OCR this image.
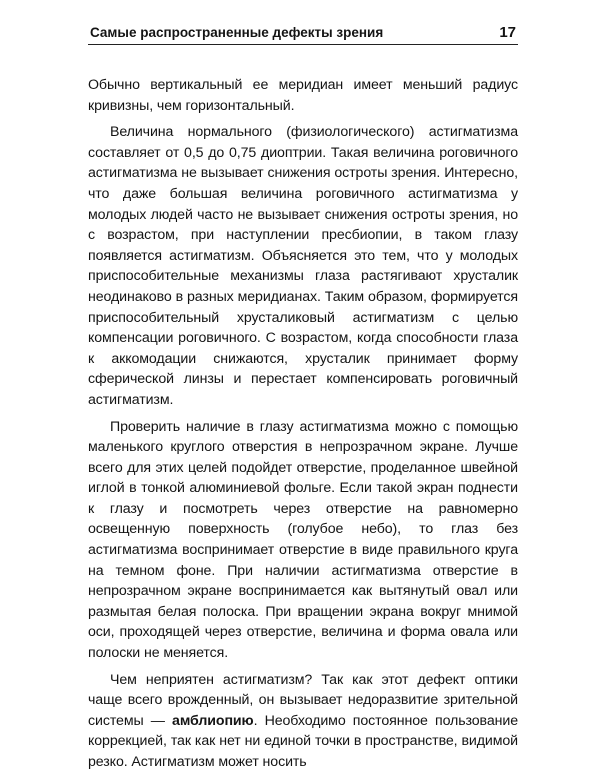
Самые распространенные дефекты зрения	17

Обычно вертикальный ее меридиан имеет меньший радиус кривизны, чем горизонтальный.

Величина нормального (физиологического) астигматизма составляет от 0,5 до 0,75 диоптрии. Такая величина роговичного астигматизма не вызывает снижения остроты зрения. Интересно, что даже большая величина роговичного астигматизма у молодых людей часто не вызывает снижения остроты зрения, но с возрастом, при наступлении пресбиопии, в таком глазу появляется астигматизм. Объясняется это тем, что у молодых приспособительные механизмы глаза растягивают хрусталик неодинаково в разных меридианах. Таким образом, формируется приспособительный хрусталиковый астигматизм с целью компенсации роговичного. С возрастом, когда способности глаза к аккомодации снижаются, хрусталик принимает форму сферической линзы и перестает компенсировать роговичный астигматизм.

Проверить наличие в глазу астигматизма можно с помощью маленького круглого отверстия в непрозрачном экране. Лучше всего для этих целей подойдет отверстие, проделанное швейной иглой в тонкой алюминиевой фольге. Если такой экран поднести к глазу и посмотреть через отверстие на равномерно освещенную поверхность (голубое небо), то глаз без астигматизма воспринимает отверстие в виде правильного круга на темном фоне. При наличии астигматизма отверстие в непрозрачном экране воспринимается как вытянутый овал или размытая белая полоска. При вращении экрана вокруг мнимой оси, проходящей через отверстие, величина и форма овала или полоски не меняется.

Чем неприятен астигматизм? Так как этот дефект оптики чаще всего врожденный, он вызывает недоразвитие зрительной системы — амблиопию. Необходимо постоянное пользование коррекцией, так как нет ни единой точки в пространстве, видимой резко. Астигматизм может носить
